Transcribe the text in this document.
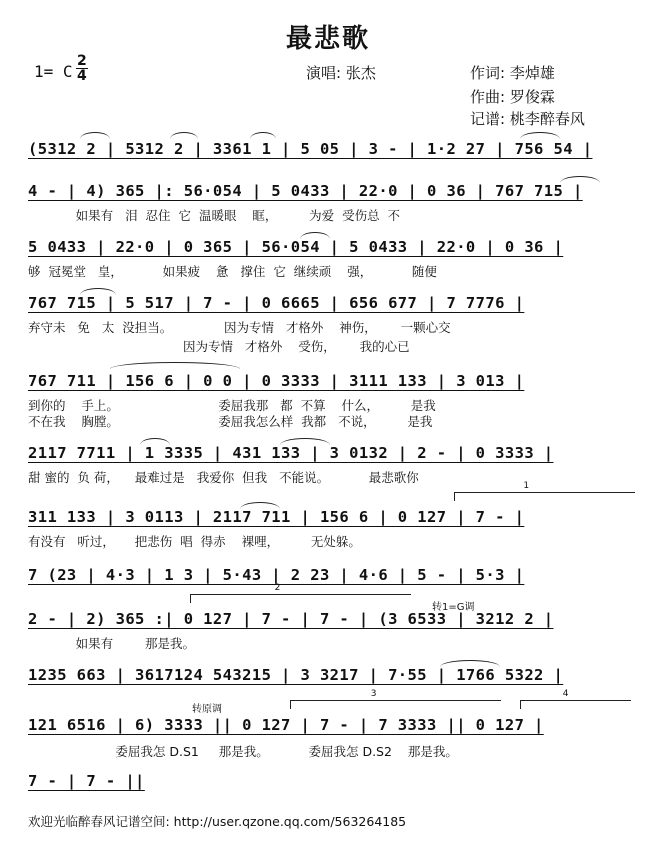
最悲歌
1= C
2
4	演唱: 张杰	作词: 李焯雄
作曲: 罗俊霖
记谱: 桃李醉春风
(5312 2 | 5312 2 | 3361 1 | 5 05 | 3 - | 1·2 27 | 756 54 |
4 - | 4) 365 |: 56·054 | 5 0433 | 22·0 | 0 36 | 767 715 |
如果有   泪  忍住  它  温暖眼    眶，        为爱  受伤总  不
5 0433 | 22·0 | 0 365 | 56·054 | 5 0433 | 22·0 | 0 36 |
够  冠冕堂   皇，          如果疲    惫   撑住  它  继续顽    强，          随便
767 715 | 5 517 | 7 - | 0 6665 | 656 677 | 7 7776 |
弃守未   免   太  没担当。             因为专情   才格外    神伤，      一颗心交
因为专情   才格外    受伤，      我的心已
767 711 | 156 6 | 0 0 | 0 3333 | 3111 133 | 3 013 |
到你的    手上。                         委屈我那   都  不算    什么，        是我
不在我    胸膛。                         委屈我怎么样  我都   不说，        是我
2117 7711 | 1 3335 | 431 133 | 3 0132 | 2 - | 0 3333 |
甜 蜜的  负 荷，    最难过是   我爱你  但我   不能说。          最悲歌你
311 133 | 3 0113 | 2117 711 | 156 6 | 0 127 | 7 - |
有没有   听过，     把悲伤  唱  得赤    裸哩，        无处躲。
7 (23 | 4·3 | 1 3 | 5·43 | 2 23 | 4·6 | 5 - | 5·3 |
2 - | 2) 365 :| 0 127 | 7 - | 7 - | (3 6533 | 3212 2 |
如果有        那是我。
1235 663 | 3617124 543215 | 3 3217 | 7·55 | 1766 5322 |
121 6516 | 6) 3333 || 0 127 | 7 - | 7 3333 || 0 127 |
委屈我怎 D.S1     那是我。          委屈我怎 D.S2    那是我。
7 - | 7 - ||
1
2
3	4
转1=G调
转原调
欢迎光临醉春风记谱空间: http://user.qzone.qq.com/563264185
